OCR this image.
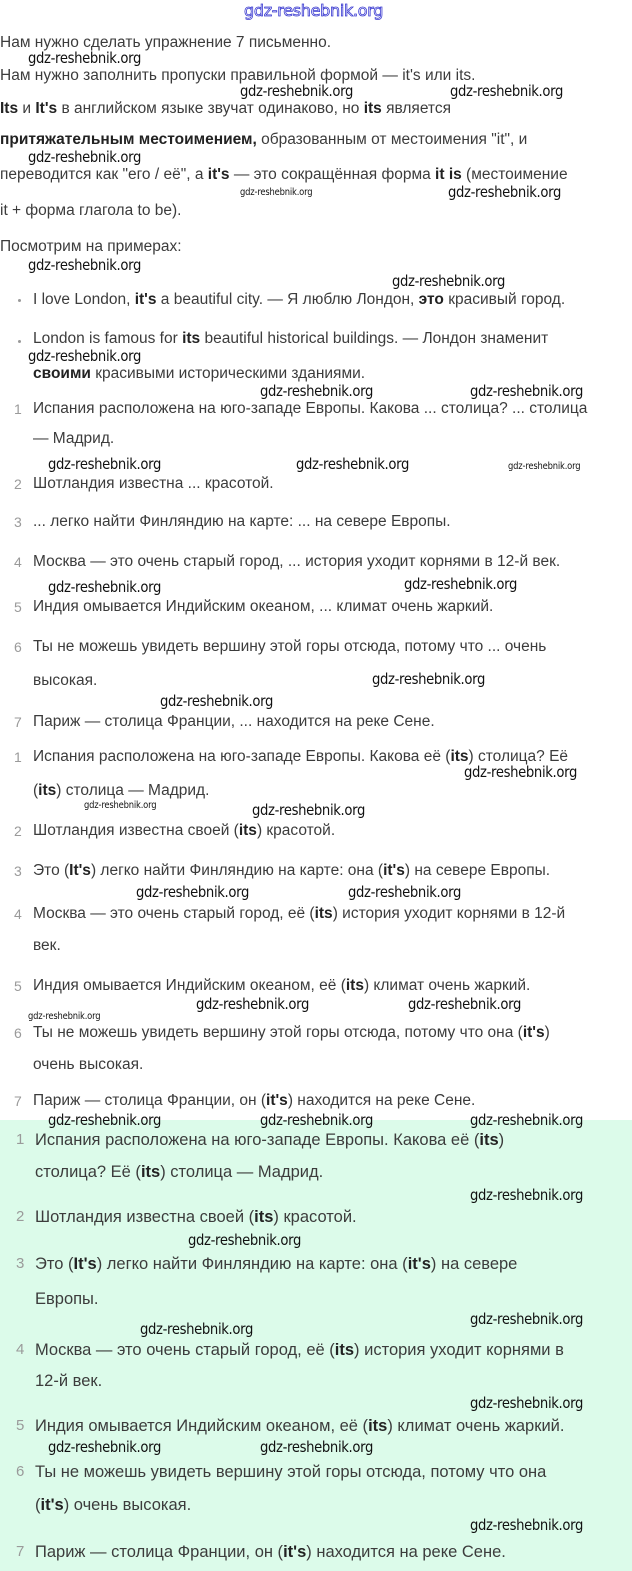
gdz-reshebnik.org
Нам нужно сделать упражнение 7 письменно.
Нам нужно заполнить пропуски правильной формой — it's или its.
Its и It's в английском языке звучат одинаково, но its является
притяжательным местоимением, образованным от местоимения "it", и
переводится как "его / её", а it's — это сокращённая форма it is (местоимение
it + форма глагола to be).
Посмотрим на примерах:
I love London, it's a beautiful city. — Я люблю Лондон, это красивый город.
London is famous for its beautiful historical buildings. — Лондон знаменит
своими красивыми историческими зданиями.
1 Испания расположена на юго-западе Европы. Какова ... столица? ... столица
— Мадрид.
2 Шотландия известна ... красотой.
3 ... легко найти Финляндию на карте: ... на севере Европы.
4 Москва — это очень старый город, ... история уходит корнями в 12-й век.
5 Индия омывается Индийским океаном, ... климат очень жаркий.
6 Ты не можешь увидеть вершину этой горы отсюда, потому что ... очень
высокая.
7 Париж — столица Франции, ... находится на реке Сене.
1 Испания расположена на юго-западе Европы. Какова её (its) столица? Её
(its) столица — Мадрид.
2 Шотландия известна своей (its) красотой.
3 Это (It's) легко найти Финляндию на карте: она (it's) на севере Европы.
4 Москва — это очень старый город, её (its) история уходит корнями в 12-й
век.
5 Индия омывается Индийским океаном, её (its) климат очень жаркий.
6 Ты не можешь увидеть вершину этой горы отсюда, потому что она (it's)
очень высокая.
7 Париж — столица Франции, он (it's) находится на реке Сене.
1 Испания расположена на юго-западе Европы. Какова её (its)
столица? Её (its) столица — Мадрид.
2 Шотландия известна своей (its) красотой.
3 Это (It's) легко найти Финляндию на карте: она (it's) на севере
Европы.
4 Москва — это очень старый город, её (its) история уходит корнями в
12-й век.
5 Индия омывается Индийским океаном, её (its) климат очень жаркий.
6 Ты не можешь увидеть вершину этой горы отсюда, потому что она
(it's) очень высокая.
7 Париж — столица Франции, он (it's) находится на реке Сене.
gdz-reshebnik.org
gdz-reshebnik.org	gdz-reshebnik.org
gdz-reshebnik.org
gdz-reshebnik.org	gdz-reshebnik.org
gdz-reshebnik.org
gdz-reshebnik.org
gdz-reshebnik.org
gdz-reshebnik.org	gdz-reshebnik.org
gdz-reshebnik.org	gdz-reshebnik.org	gdz-reshebnik.org
gdz-reshebnik.org	gdz-reshebnik.org
gdz-reshebnik.org
gdz-reshebnik.org
gdz-reshebnik.org
gdz-reshebnik.org	gdz-reshebnik.org
gdz-reshebnik.org	gdz-reshebnik.org
gdz-reshebnik.org	gdz-reshebnik.org
gdz-reshebnik.org
gdz-reshebnik.org	gdz-reshebnik.org	gdz-reshebnik.org
gdz-reshebnik.org
gdz-reshebnik.org
gdz-reshebnik.org
gdz-reshebnik.org
gdz-reshebnik.org
gdz-reshebnik.org	gdz-reshebnik.org
gdz-reshebnik.org
